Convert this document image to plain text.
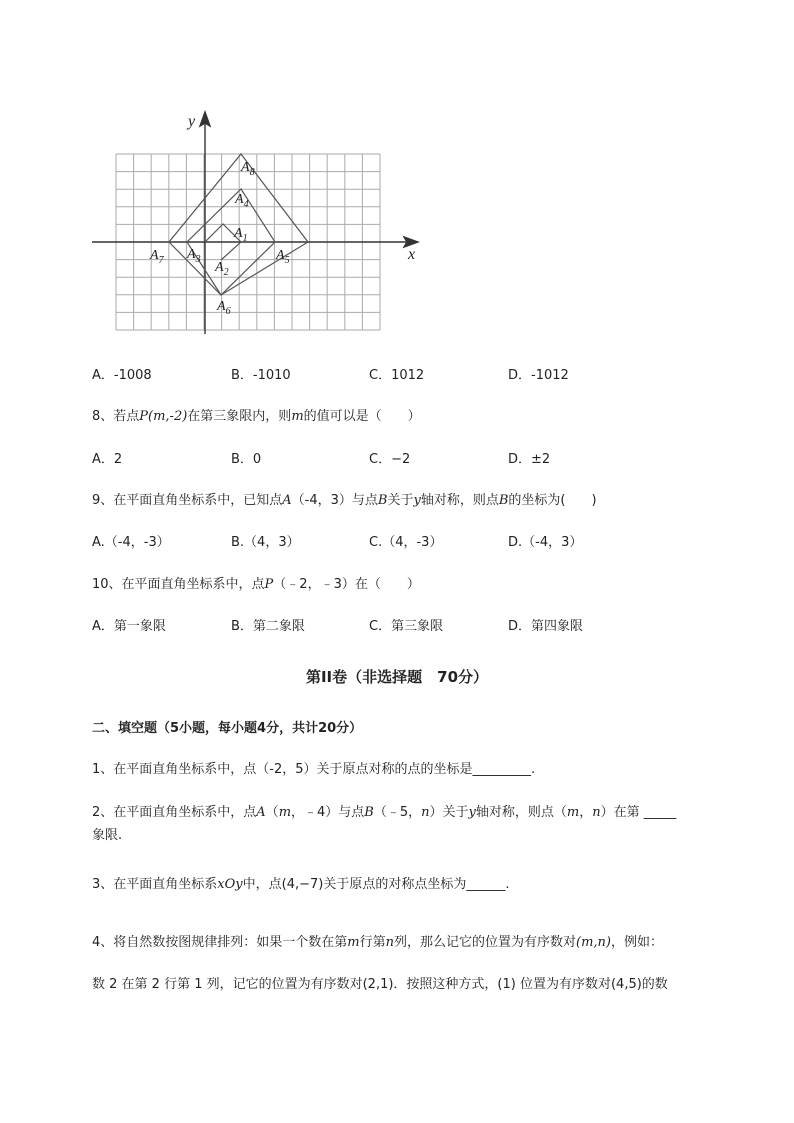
x
y
$A_8$
$A_4$
$A_1$
$A_7$ $A_3$
$A_2$
$A_5$
$A_6$
A．-1008	B．-1010	C．1012	D．-1012
8、若点P(m,-2)在第三象限内，则m的值可以是（　　）
A．2	B．0	C．−2	D．±2
9、在平面直角坐标系中，已知点A（-4，3）与点B关于y轴对称，则点B的坐标为(　　)
A.（-4，-3）	B.（4，3）	C.（4，-3）	D.（-4，3）
10、在平面直角坐标系中，点P（﹣2，﹣3）在（　　）
A．第一象限	B．第二象限	C．第三象限	D．第四象限
第II卷（非选择题　70分）
二、填空题（5小题，每小题4分，共计20分）
1、在平面直角坐标系中，点（-2，5）关于原点对称的点的坐标是_________.
2、在平面直角坐标系中，点A（m，﹣4）与点B（﹣5，n）关于y轴对称，则点（m，n）在第 _____
象限.
3、在平面直角坐标系xOy中，点(4,−7)关于原点的对称点坐标为______.
4、将自然数按图规律排列：如果一个数在第m行第n列，那么记它的位置为有序数对(m,n)，例如：
数 2 在第 2 行第 1 列，记它的位置为有序数对(2,1)．按照这种方式，(1) 位置为有序数对(4,5)的数
